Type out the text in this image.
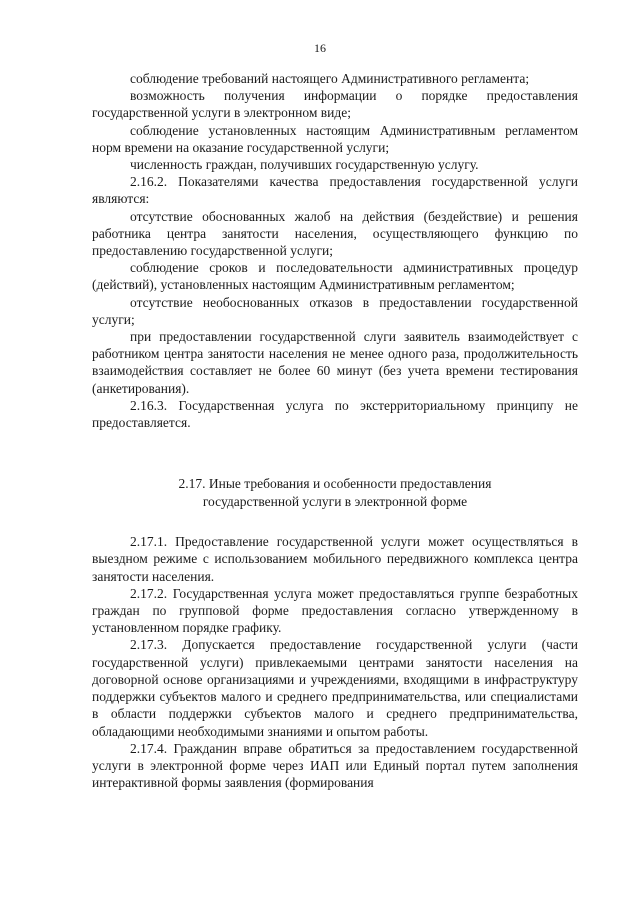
16

соблюдение требований настоящего Административного регламента;

возможность получения информации о порядке предоставления государственной услуги в электронном виде;

соблюдение установленных настоящим Административным регламентом норм времени на оказание государственной услуги;

численность граждан, получивших государственную услугу.

2.16.2. Показателями качества предоставления государственной услуги являются:

отсутствие обоснованных жалоб на действия (бездействие) и решения работника центра занятости населения, осуществляющего функцию по предоставлению государственной услуги;

соблюдение сроков и последовательности административных процедур (действий), установленных настоящим Административным регламентом;

отсутствие необоснованных отказов в предоставлении государственной услуги;

при предоставлении государственной слуги заявитель взаимодействует с работником центра занятости населения не менее одного раза, продолжительность взаимодействия составляет не более 60 минут (без учета времени тестирования (анкетирования).

2.16.3. Государственная услуга по экстерриториальному принципу не предоставляется.

2.17. Иные требования и особенности предоставления
государственной услуги в электронной форме

2.17.1. Предоставление государственной услуги может осуществляться в выездном режиме с использованием мобильного передвижного комплекса центра занятости населения.

2.17.2. Государственная услуга может предоставляться группе безработных граждан по групповой форме предоставления согласно утвержденному в установленном порядке графику.

2.17.3. Допускается предоставление государственной услуги (части государственной услуги) привлекаемыми центрами занятости населения на договорной основе организациями и учреждениями, входящими в инфраструктуру поддержки субъектов малого и среднего предпринимательства, или специалистами в области поддержки субъектов малого и среднего предпринимательства, обладающими необходимыми знаниями и опытом работы.

2.17.4. Гражданин вправе обратиться за предоставлением государственной услуги в электронной форме через ИАП или Единый портал путем заполнения интерактивной формы заявления (формирования
